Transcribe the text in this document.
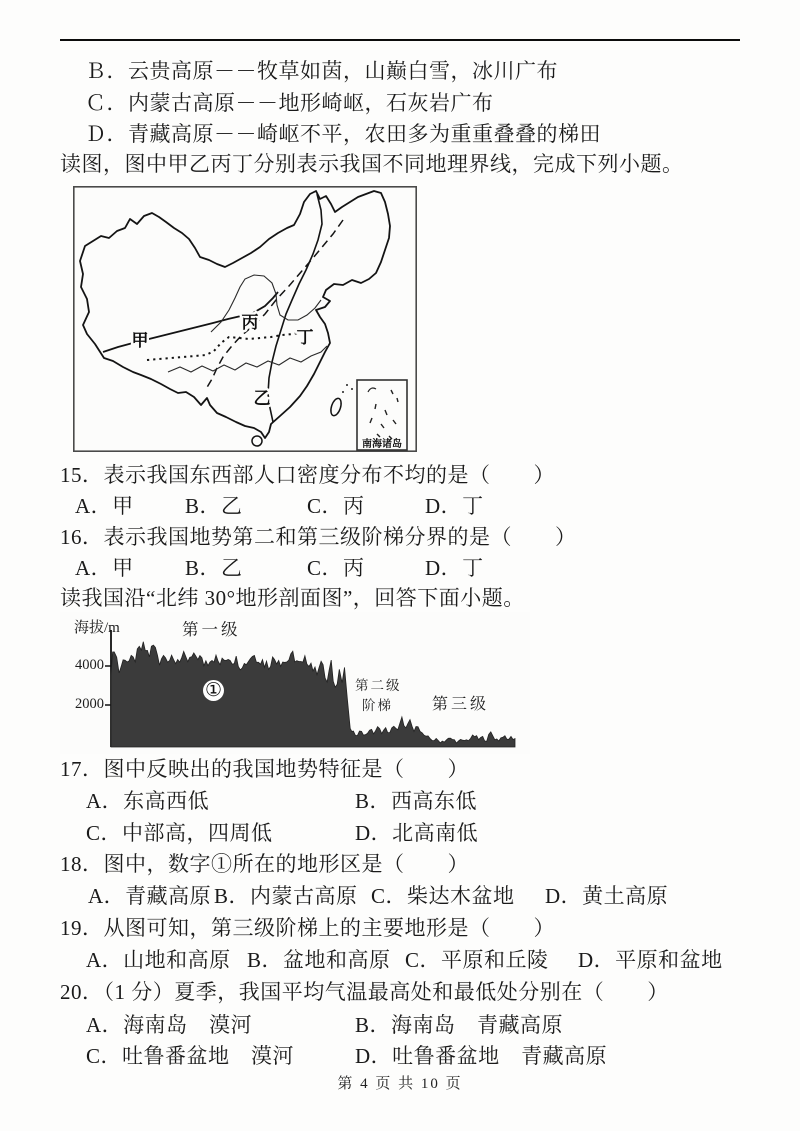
Ｂ．云贵高原－－牧草如茵，山巅白雪，冰川广布
Ｃ．内蒙古高原－－地形崎岖，石灰岩广布
Ｄ．青藏高原－－崎岖不平，农田多为重重叠叠的梯田
读图，图中甲乙丙丁分别表示我国不同地理界线，完成下列小题。
南海诸岛
甲
丙
丁
乙
15．表示我国东西部人口密度分布不均的是（　　）
A．甲 B．乙	C．丙	D．丁
16．表示我国地势第二和第三级阶梯分界的是（　　）
A．甲 B．乙	C．丙	D．丁
读我国沿“北纬 30°地形剖面图”，回答下面小题。
海拔/m
4000
2000
第一级
①	第二级
阶梯 第三级
17．图中反映出的我国地势特征是（　　）
A．东高西低	B．西高东低
C．中部高，四周低	D．北高南低
18．图中，数字①所在的地形区是（　　）
A．青藏高原 B．内蒙古高原 C．柴达木盆地 D．黄土高原
19．从图可知，第三级阶梯上的主要地形是（　　）
A．山地和高原 B．盆地和高原 C．平原和丘陵 D．平原和盆地
20．（1 分）夏季，我国平均气温最高处和最低处分别在（　　）
A．海南岛　漠河	B．海南岛　青藏高原
C．吐鲁番盆地　漠河	D．吐鲁番盆地　青藏高原
第 4 页 共 10 页
